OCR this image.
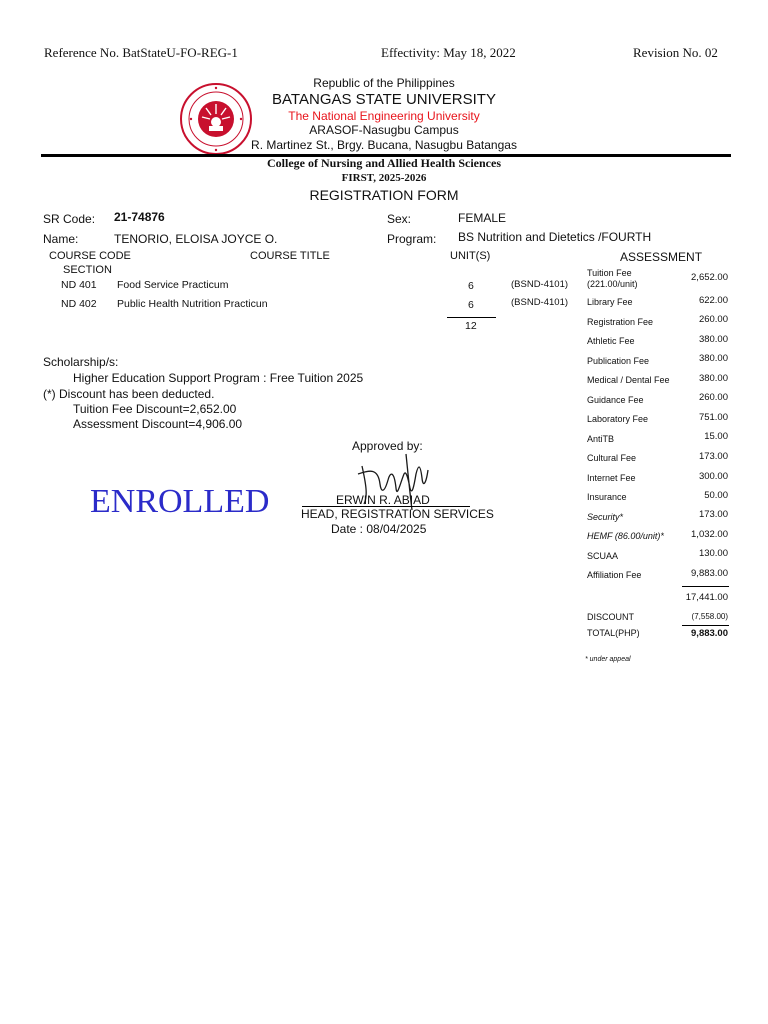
Reference No. BatStateU-FO-REG-1	Effectivity: May 18, 2022	Revision No. 02
Republic of the Philippines
BATANGAS STATE UNIVERSITY
The National Engineering University
ARASOF-Nasugbu Campus
R. Martinez St., Brgy. Bucana, Nasugbu Batangas
College of Nursing and Allied Health Sciences
FIRST, 2025-2026
REGISTRATION FORM
SR Code: 21-74876	Sex:	FEMALE
Name:	TENORIO, ELOISA JOYCE O.	Program: BS Nutrition and Dietetics /FOURTH
COURSE CODE	COURSE TITLE	UNIT(S)
SECTION
ND 401 Food Service Practicum	6	(BSND-4101)
ND 402 Public Health Nutrition Practicun	6	(BSND-4101)
12
ASSESSMENT
Tuition Fee
(221.00/unit)
2,652.00
Library Fee	622.00
Registration Fee	260.00
Athletic Fee	380.00
Publication Fee	380.00
Medical / Dental Fee	380.00
Guidance Fee	260.00
Laboratory Fee	751.00
AntiTB	15.00
Cultural Fee	173.00
Internet Fee	300.00
Insurance	50.00
Security*	173.00
HEMF (86.00/unit)*	1,032.00
SCUAA	130.00
Affiliation Fee	9,883.00
17,441.00
DISCOUNT	(7,558.00)
TOTAL(PHP)	9,883.00
* under appeal
Scholarship/s:
Higher Education Support Program : Free Tuition 2025
(*) Discount has been deducted.
Tuition Fee Discount=2,652.00
Assessment Discount=4,906.00
ENROLLED
Approved by:
ERWIN R. ABIAD
HEAD, REGISTRATION SERVICES
Date : 08/04/2025
